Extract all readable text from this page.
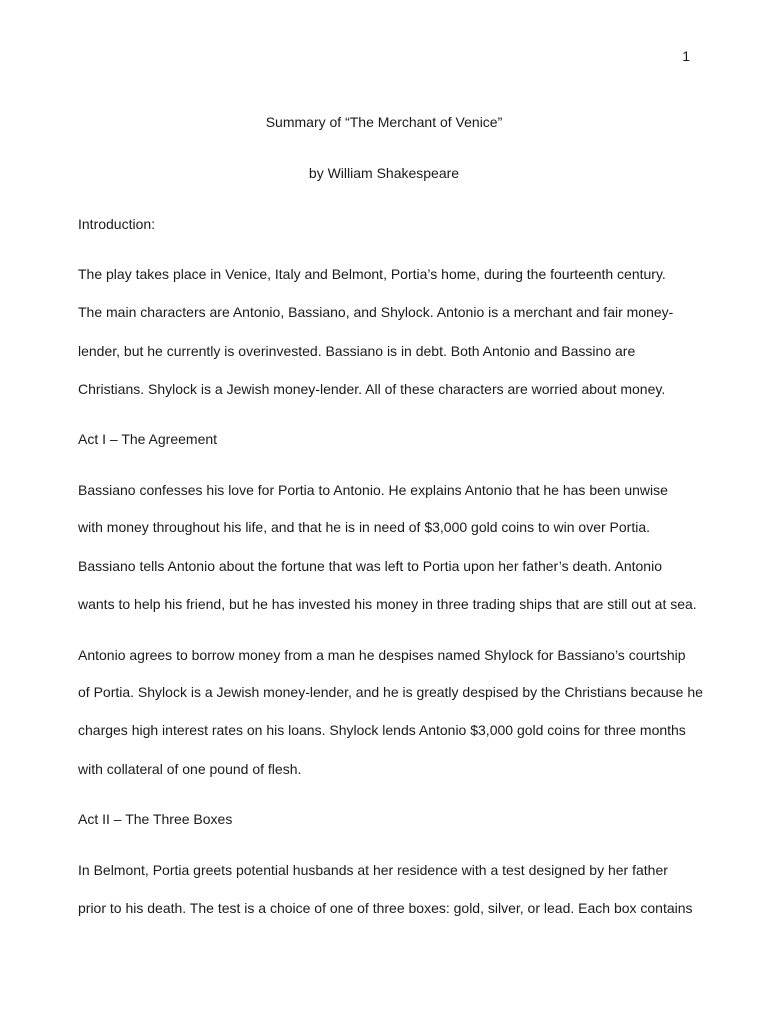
1
Summary of “The Merchant of Venice”
by William Shakespeare
Introduction:
The play takes place in Venice, Italy and Belmont, Portia’s home, during the fourteenth century.
The main characters are Antonio, Bassiano, and Shylock. Antonio is a merchant and fair money-
lender, but he currently is overinvested. Bassiano is in debt. Both Antonio and Bassino are
Christians. Shylock is a Jewish money-lender. All of these characters are worried about money.
Act I – The Agreement
Bassiano confesses his love for Portia to Antonio. He explains Antonio that he has been unwise
with money throughout his life, and that he is in need of $3,000 gold coins to win over Portia.
Bassiano tells Antonio about the fortune that was left to Portia upon her father’s death. Antonio
wants to help his friend, but he has invested his money in three trading ships that are still out at sea.
Antonio agrees to borrow money from a man he despises named Shylock for Bassiano’s courtship
of Portia. Shylock is a Jewish money-lender, and he is greatly despised by the Christians because he
charges high interest rates on his loans. Shylock lends Antonio $3,000 gold coins for three months
with collateral of one pound of flesh.
Act II – The Three Boxes
In Belmont, Portia greets potential husbands at her residence with a test designed by her father
prior to his death. The test is a choice of one of three boxes: gold, silver, or lead. Each box contains
